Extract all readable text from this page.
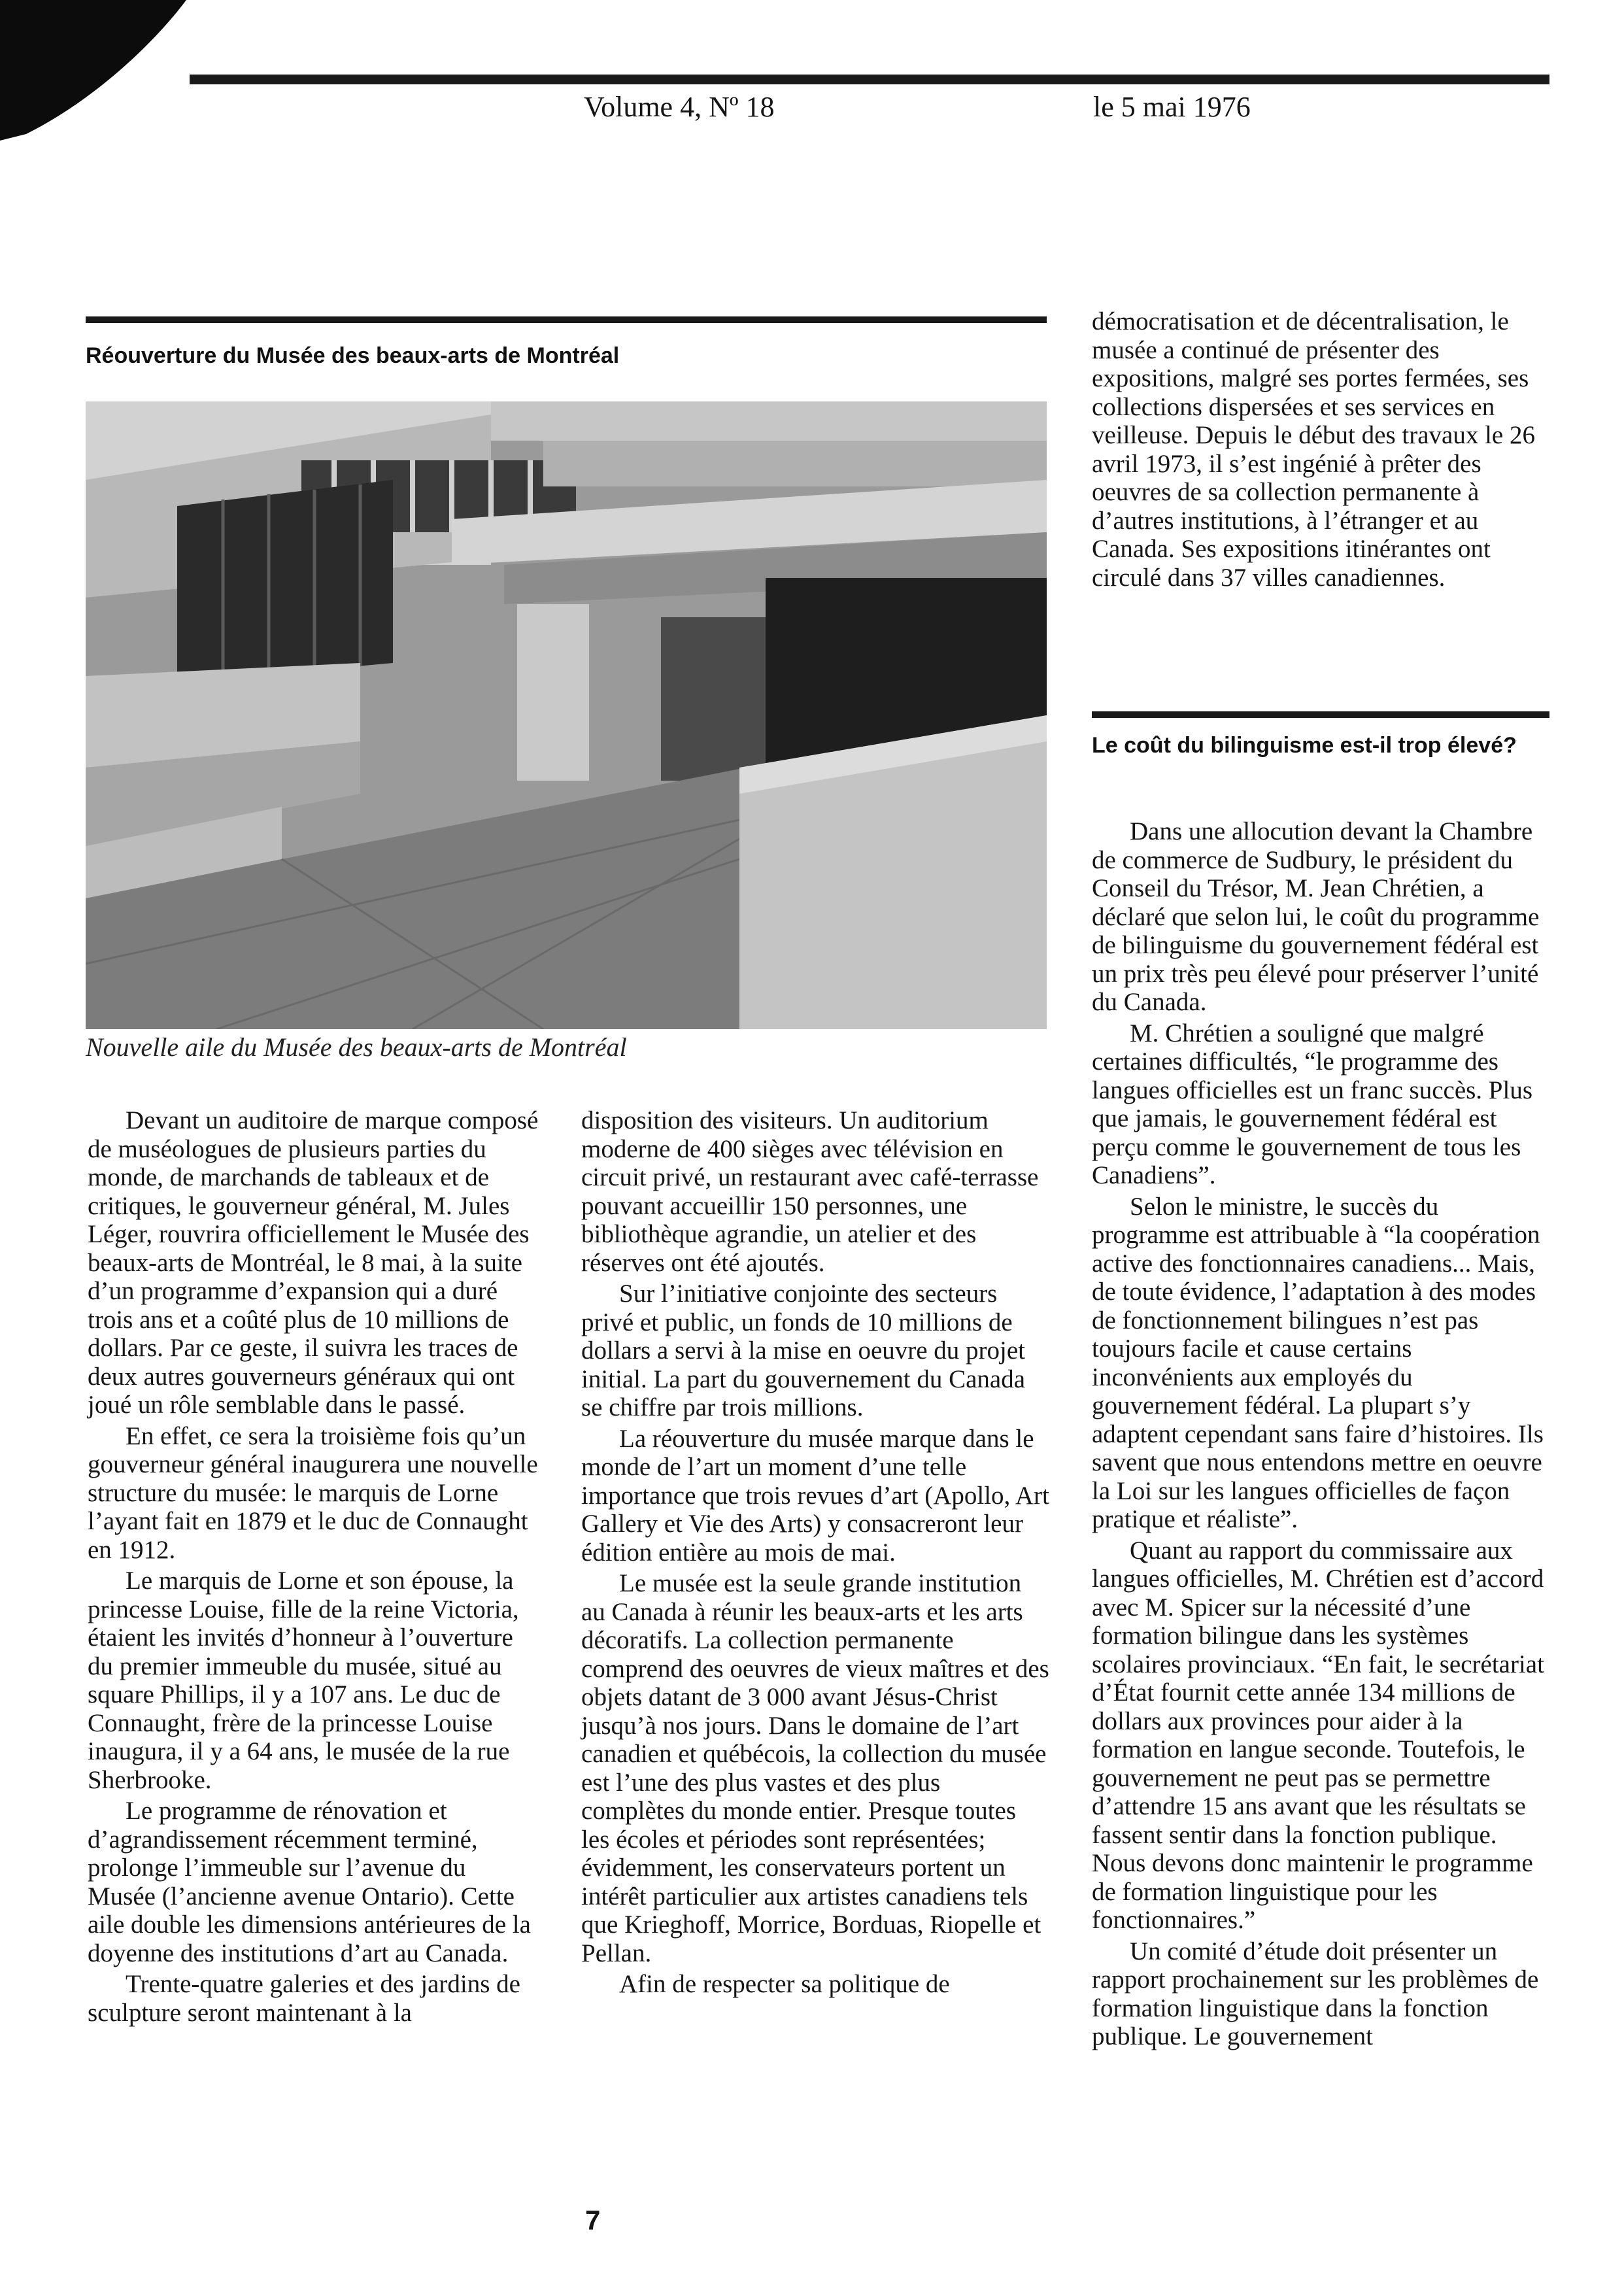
Volume 4, Nº 18	le 5 mai 1976
Réouverture du Musée des beaux-arts de Montréal
Nouvelle aile du Musée des beaux-arts de Montréal

Devant un auditoire de marque composé de muséologues de plusieurs parties du monde, de marchands de tableaux et de critiques, le gouverneur général, M. Jules Léger, rouvrira officiellement le Musée des beaux-arts de Montréal, le 8 mai, à la suite d’un programme d’expansion qui a duré trois ans et a coûté plus de 10 millions de dollars. Par ce geste, il suivra les traces de deux autres gouverneurs généraux qui ont joué un rôle semblable dans le passé.

En effet, ce sera la troisième fois qu’un gouverneur général inaugurera une nouvelle structure du musée: le marquis de Lorne l’ayant fait en 1879 et le duc de Connaught en 1912.

Le marquis de Lorne et son épouse, la princesse Louise, fille de la reine Victoria, étaient les invités d’honneur à l’ouverture du premier immeuble du musée, situé au square Phillips, il y a 107 ans. Le duc de Connaught, frère de la princesse Louise inaugura, il y a 64 ans, le musée de la rue Sherbrooke.

Le programme de rénovation et d’agrandissement récemment terminé, prolonge l’immeuble sur l’avenue du Musée (l’ancienne avenue Ontario). Cette aile double les dimensions antérieures de la doyenne des institutions d’art au Canada.

Trente-quatre galeries et des jardins de sculpture seront maintenant à la

disposition des visiteurs. Un auditorium moderne de 400 sièges avec télévision en circuit privé, un restaurant avec café-terrasse pouvant accueillir 150 personnes, une bibliothèque agrandie, un atelier et des réserves ont été ajoutés.

Sur l’initiative conjointe des secteurs privé et public, un fonds de 10 millions de dollars a servi à la mise en oeuvre du projet initial. La part du gouvernement du Canada se chiffre par trois millions.

La réouverture du musée marque dans le monde de l’art un moment d’une telle importance que trois revues d’art (Apollo, Art Gallery et Vie des Arts) y consacreront leur édition entière au mois de mai.

Le musée est la seule grande institution au Canada à réunir les beaux-arts et les arts décoratifs. La collection permanente comprend des oeuvres de vieux maîtres et des objets datant de 3 000 avant Jésus-Christ jusqu’à nos jours. Dans le domaine de l’art canadien et québécois, la collection du musée est l’une des plus vastes et des plus complètes du monde entier. Presque toutes les écoles et périodes sont représentées; évidemment, les conservateurs portent un intérêt particulier aux artistes canadiens tels que Krieghoff, Morrice, Borduas, Riopelle et Pellan.

Afin de respecter sa politique de

démocratisation et de décentralisation, le musée a continué de présenter des expositions, malgré ses portes fermées, ses collections dispersées et ses services en veilleuse. Depuis le début des travaux le 26 avril 1973, il s’est ingénié à prêter des oeuvres de sa collection permanente à d’autres institutions, à l’étranger et au Canada. Ses expositions itinérantes ont circulé dans 37 villes canadiennes.

Le coût du bilinguisme est-il trop élevé?

Dans une allocution devant la Chambre de commerce de Sudbury, le président du Conseil du Trésor, M. Jean Chrétien, a déclaré que selon lui, le coût du programme de bilinguisme du gouvernement fédéral est un prix très peu élevé pour préserver l’unité du Canada.

M. Chrétien a souligné que malgré certaines difficultés, “le programme des langues officielles est un franc succès. Plus que jamais, le gouvernement fédéral est perçu comme le gouvernement de tous les Canadiens”.

Selon le ministre, le succès du programme est attribuable à “la coopération active des fonctionnaires canadiens... Mais, de toute évidence, l’adaptation à des modes de fonctionnement bilingues n’est pas toujours facile et cause certains inconvénients aux employés du gouvernement fédéral. La plupart s’y adaptent cependant sans faire d’histoires. Ils savent que nous entendons mettre en oeuvre la Loi sur les langues officielles de façon pratique et réaliste”.

Quant au rapport du commissaire aux langues officielles, M. Chrétien est d’accord avec M. Spicer sur la nécessité d’une formation bilingue dans les systèmes scolaires provinciaux. “En fait, le secrétariat d’État fournit cette année 134 millions de dollars aux provinces pour aider à la formation en langue seconde. Toutefois, le gouvernement ne peut pas se permettre d’attendre 15 ans avant que les résultats se fassent sentir dans la fonction publique. Nous devons donc maintenir le programme de formation linguistique pour les fonctionnaires.”

Un comité d’étude doit présenter un rapport prochainement sur les problèmes de formation linguistique dans la fonction publique. Le gouvernement

7
